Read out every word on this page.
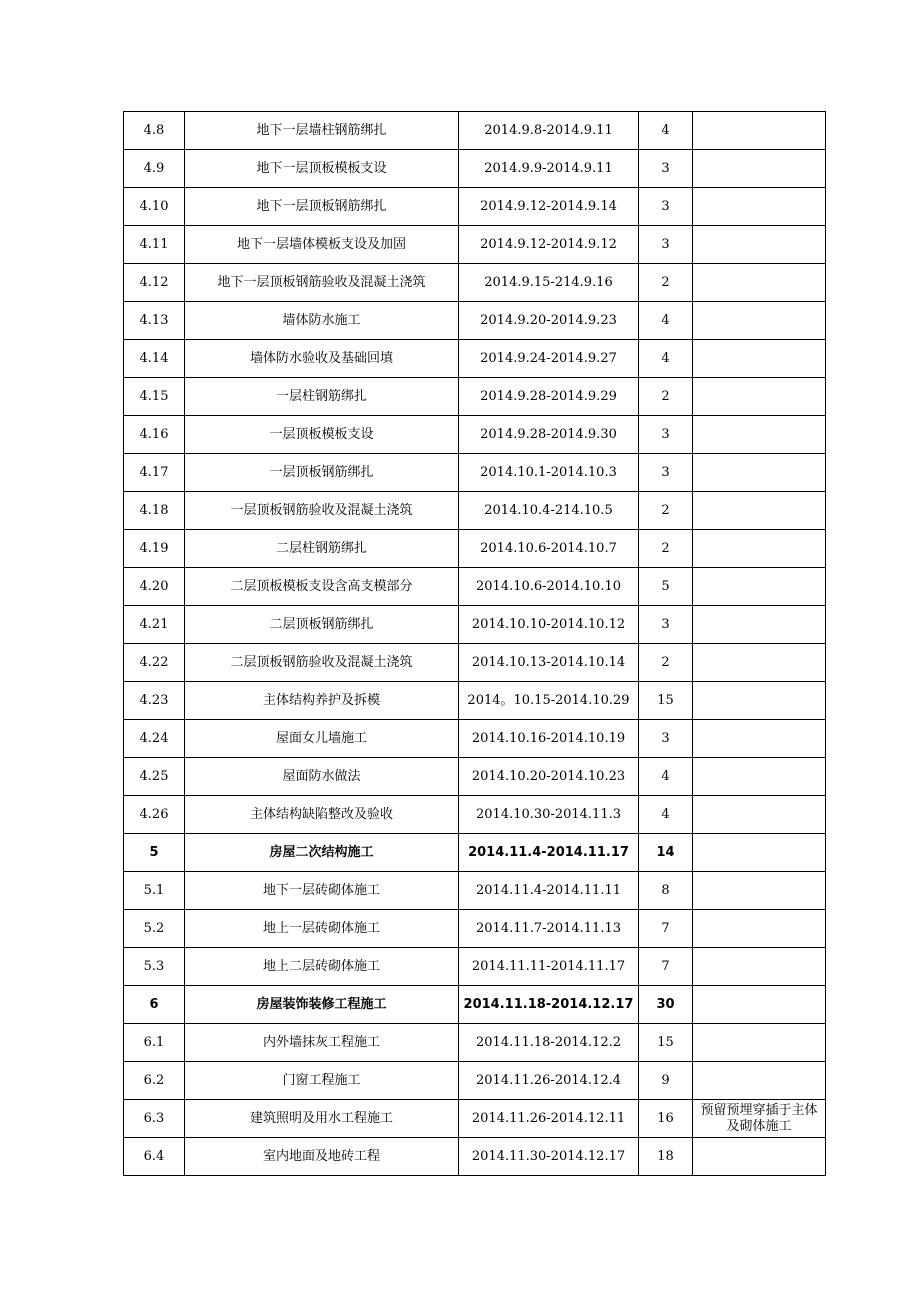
4.8	地下一层墙柱钢筋绑扎	2014.9.8-2014.9.11	4	
4.9	地下一层顶板模板支设	2014.9.9-2014.9.11	3	
4.10	地下一层顶板钢筋绑扎	2014.9.12-2014.9.14	3	
4.11	地下一层墙体模板支设及加固	2014.9.12-2014.9.12	3	
4.12	地下一层顶板钢筋验收及混凝土浇筑	2014.9.15-214.9.16	2	
4.13	墙体防水施工	2014.9.20-2014.9.23	4	
4.14	墙体防水验收及基础回填	2014.9.24-2014.9.27	4	
4.15	一层柱钢筋绑扎	2014.9.28-2014.9.29	2	
4.16	一层顶板模板支设	2014.9.28-2014.9.30	3	
4.17	一层顶板钢筋绑扎	2014.10.1-2014.10.3	3	
4.18	一层顶板钢筋验收及混凝土浇筑	2014.10.4-214.10.5	2	
4.19	二层柱钢筋绑扎	2014.10.6-2014.10.7	2	
4.20	二层顶板模板支设含高支模部分	2014.10.6-2014.10.10	5	
4.21	二层顶板钢筋绑扎	2014.10.10-2014.10.12	3	
4.22	二层顶板钢筋验收及混凝土浇筑	2014.10.13-2014.10.14	2	
4.23	主体结构养护及拆模	2014。10.15-2014.10.29	15	
4.24	屋面女儿墙施工	2014.10.16-2014.10.19	3	
4.25	屋面防水做法	2014.10.20-2014.10.23	4	
4.26	主体结构缺陷整改及验收	2014.10.30-2014.11.3	4	
5	房屋二次结构施工	2014.11.4-2014.11.17	14	
5.1	地下一层砖砌体施工	2014.11.4-2014.11.11	8	
5.2	地上一层砖砌体施工	2014.11.7-2014.11.13	7	
5.3	地上二层砖砌体施工	2014.11.11-2014.11.17	7	
6	房屋装饰装修工程施工	2014.11.18-2014.12.17	30	
6.1	内外墙抹灰工程施工	2014.11.18-2014.12.2	15	
6.2	门窗工程施工	2014.11.26-2014.12.4	9	
6.3	建筑照明及用水工程施工	2014.11.26-2014.12.11	16	预留预埋穿插于主体及砌体施工
6.4	室内地面及地砖工程	2014.11.30-2014.12.17	18	
